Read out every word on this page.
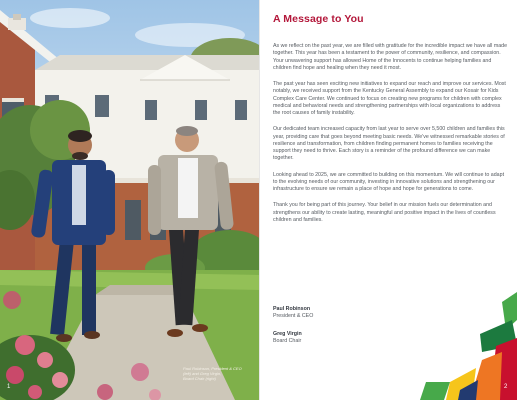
Paul Robinson, President & CEO
(left) and Greg Virgin,
Board Chair (right)
1
A Message to You

As we reflect on the past year, we are filled with gratitude for the incredible impact we have all made together. This year has been a testament to the power of community, resilience, and compassion. Your unwavering support has allowed Home of the Innocents to continue helping families and children find hope and healing when they need it most.

The past year has seen exciting new initiatives to expand our reach and improve our services. Most notably, we received support from the Kentucky General Assembly to expand our Kosair for Kids Complex Care Center. We continued to focus on creating new programs for children with complex medical and behavioral needs and strengthening partnerships with local organizations to address the root causes of family instability.

Our dedicated team increased capacity from last year to serve over 5,500 children and families this year, providing care that goes beyond meeting basic needs. We've witnessed remarkable stories of resilience and transformation, from children finding permanent homes to families receiving the support they need to thrive. Each story is a reminder of the profound difference we can make together.

Looking ahead to 2025, we are committed to building on this momentum. We will continue to adapt to the evolving needs of our community, investing in innovative solutions and strengthening our infrastructure to ensure we remain a place of hope and hope for generations to come.

Thank you for being part of this journey. Your belief in our mission fuels our determination and strengthens our ability to create lasting, meaningful and positive impact in the lives of countless children and families.

Paul Robinson
President & CEO
Greg Virgin
Board Chair
2
